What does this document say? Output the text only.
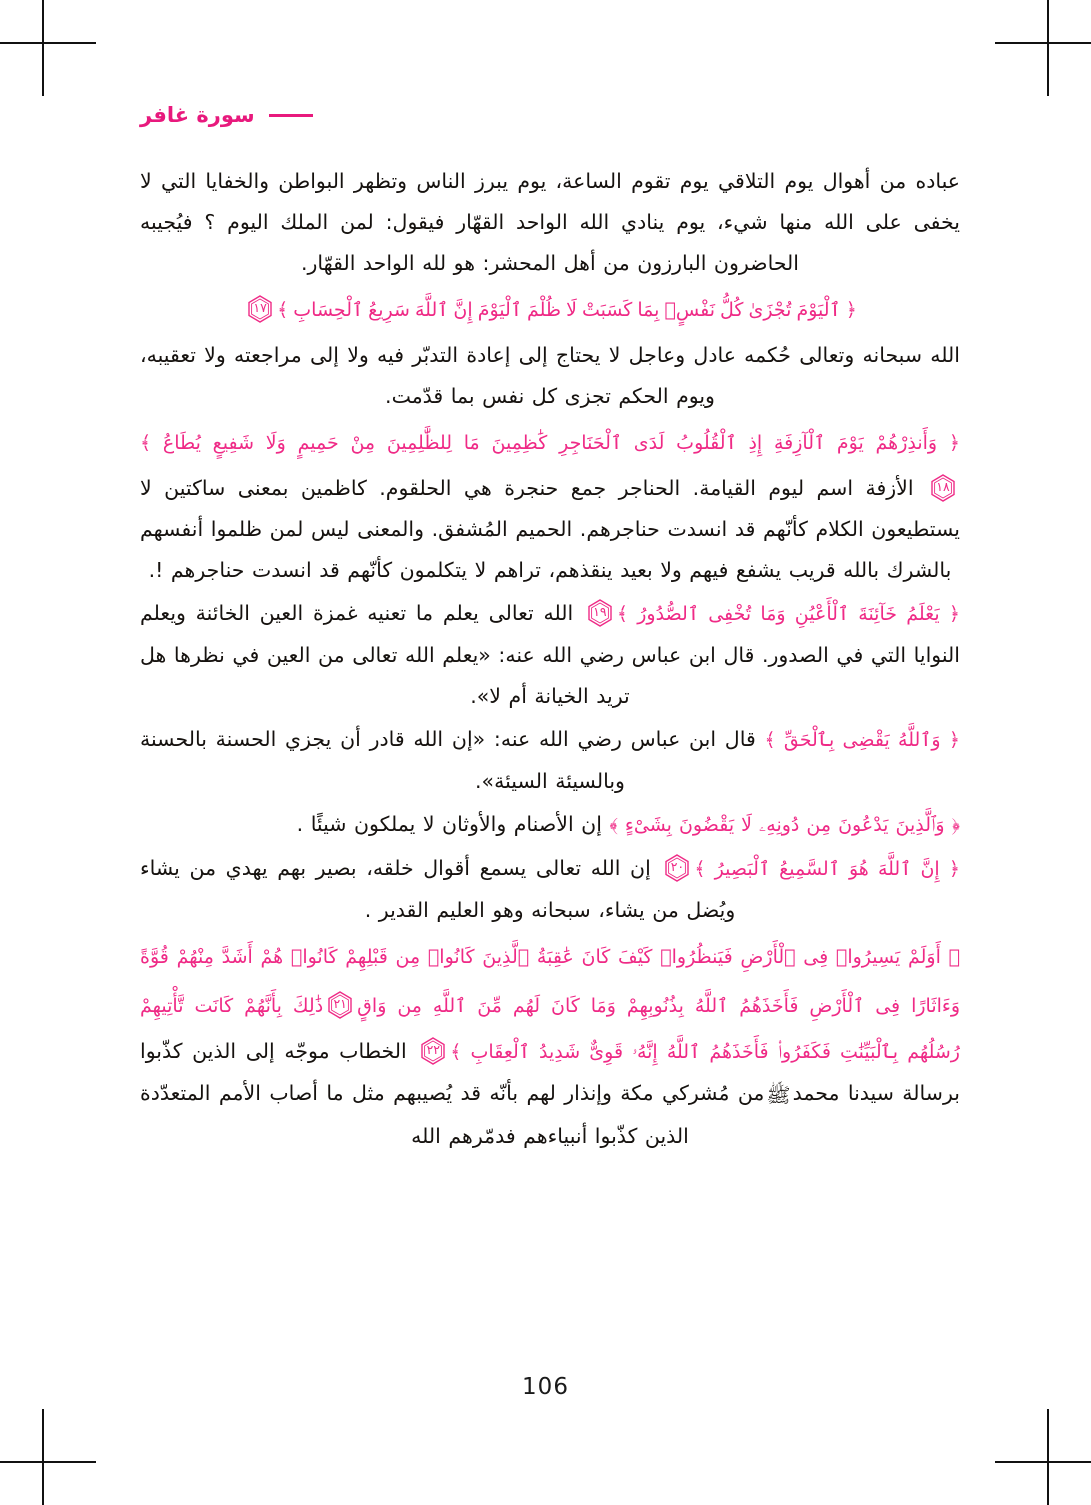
سورة غافر

عباده من أهوال يوم التلاقي يوم تقوم الساعة، يوم يبرز الناس وتظهر البواطن والخفايا التي لا يخفى على الله منها شيء، يوم ينادي الله الواحد القهّار فيقول: لمن الملك اليوم ؟ فيُجيبه الحاضرون البارزون من أهل المحشر: هو لله الواحد القهّار.

﴿ ٱلْيَوْمَ تُجْزَىٰ كُلُّ نَفْسٍۭ بِمَا كَسَبَتْ لَا ظُلْمَ ٱلْيَوْمَ إِنَّ ٱللَّهَ سَرِيعُ ٱلْحِسَابِ ﴾
١٧

الله سبحانه وتعالى حُكمه عادل وعاجل لا يحتاج إلى إعادة التدبّر فيه ولا إلى مراجعته ولا تعقيبه، ويوم الحكم تجزى كل نفس بما قدّمت.

﴿ وَأَنذِرْهُمْ يَوْمَ ٱلْآزِفَةِ إِذِ ٱلْقُلُوبُ لَدَى ٱلْحَنَاجِرِ كَٰظِمِينَ مَا لِلظَّٰلِمِينَ مِنْ حَمِيمٍ وَلَا شَفِيعٍ يُطَاعُ ﴾

١٨
الأزفة اسم ليوم القيامة. الحناجر جمع حنجرة هي الحلقوم. كاظمين بمعنى ساكتين لا يستطيعون الكلام كأنّهم قد انسدت حناجرهم. الحميم المُشفق. والمعنى ليس لمن ظلموا أنفسهم بالشرك بالله قريب يشفع فيهم ولا بعيد ينقذهم، تراهم لا يتكلمون كأنّهم قد انسدت حناجرهم !.

﴿ يَعْلَمُ خَآئِنَةَ ٱلْأَعْيُنِ وَمَا تُخْفِى ٱلصُّدُورُ ﴾
١٩
الله تعالى يعلم ما تعنيه غمزة العين الخائنة ويعلم النوايا التي في الصدور. قال ابن عباس رضي الله عنه: «يعلم الله تعالى من العين في نظرها هل تريد الخيانة أم لا».

﴿ وَٱللَّهُ يَقْضِى بِٱلْحَقِّ ﴾ قال ابن عباس رضي الله عنه: «إن الله قادر أن يجزي الحسنة بالحسنة وبالسيئة السيئة».

﴿ وَٱلَّذِينَ يَدْعُونَ مِن دُونِهِۦ لَا يَقْضُونَ بِشَىْءٍ ﴾ إن الأصنام والأوثان لا يملكون شيئًا .

﴿ إِنَّ ٱللَّهَ هُوَ ٱلسَّمِيعُ ٱلْبَصِيرُ ﴾
٢٠
إن الله تعالى يسمع أقوال خلقه، بصير بهم يهدي من يشاء ويُضل من يشاء، سبحانه وهو العليم القدير .

﴿ أَوَلَمْ يَسِيرُوا۟ فِى ٱلْأَرْضِ فَيَنظُرُوا۟ كَيْفَ كَانَ عَٰقِبَةُ ٱلَّذِينَ كَانُوا۟ مِن قَبْلِهِمْ كَانُوا۟ هُمْ أَشَدَّ مِنْهُمْ قُوَّةً
وَءَاثَارًا فِى ٱلْأَرْضِ فَأَخَذَهُمُ ٱللَّهُ بِذُنُوبِهِمْ وَمَا كَانَ لَهُم مِّنَ ٱللَّهِ مِن وَاقٍ
٢١
ذَٰلِكَ بِأَنَّهُمْ كَانَت تَّأْتِيهِمْ

رُسُلُهُم بِٱلْبَيِّنَٰتِ فَكَفَرُوا۟ فَأَخَذَهُمُ ٱللَّهُ إِنَّهُۥ قَوِىٌّ شَدِيدُ ٱلْعِقَابِ ﴾
٢٢
الخطاب موجّه إلى الذين كذّبوا برسالة سيدنا محمدﷺمن مُشركي مكة وإنذار لهم بأنّه قد يُصيبهم مثل ما أصاب الأمم المتعدّدة الذين كذّبوا أنبياءهم فدمّرهم الله

106
